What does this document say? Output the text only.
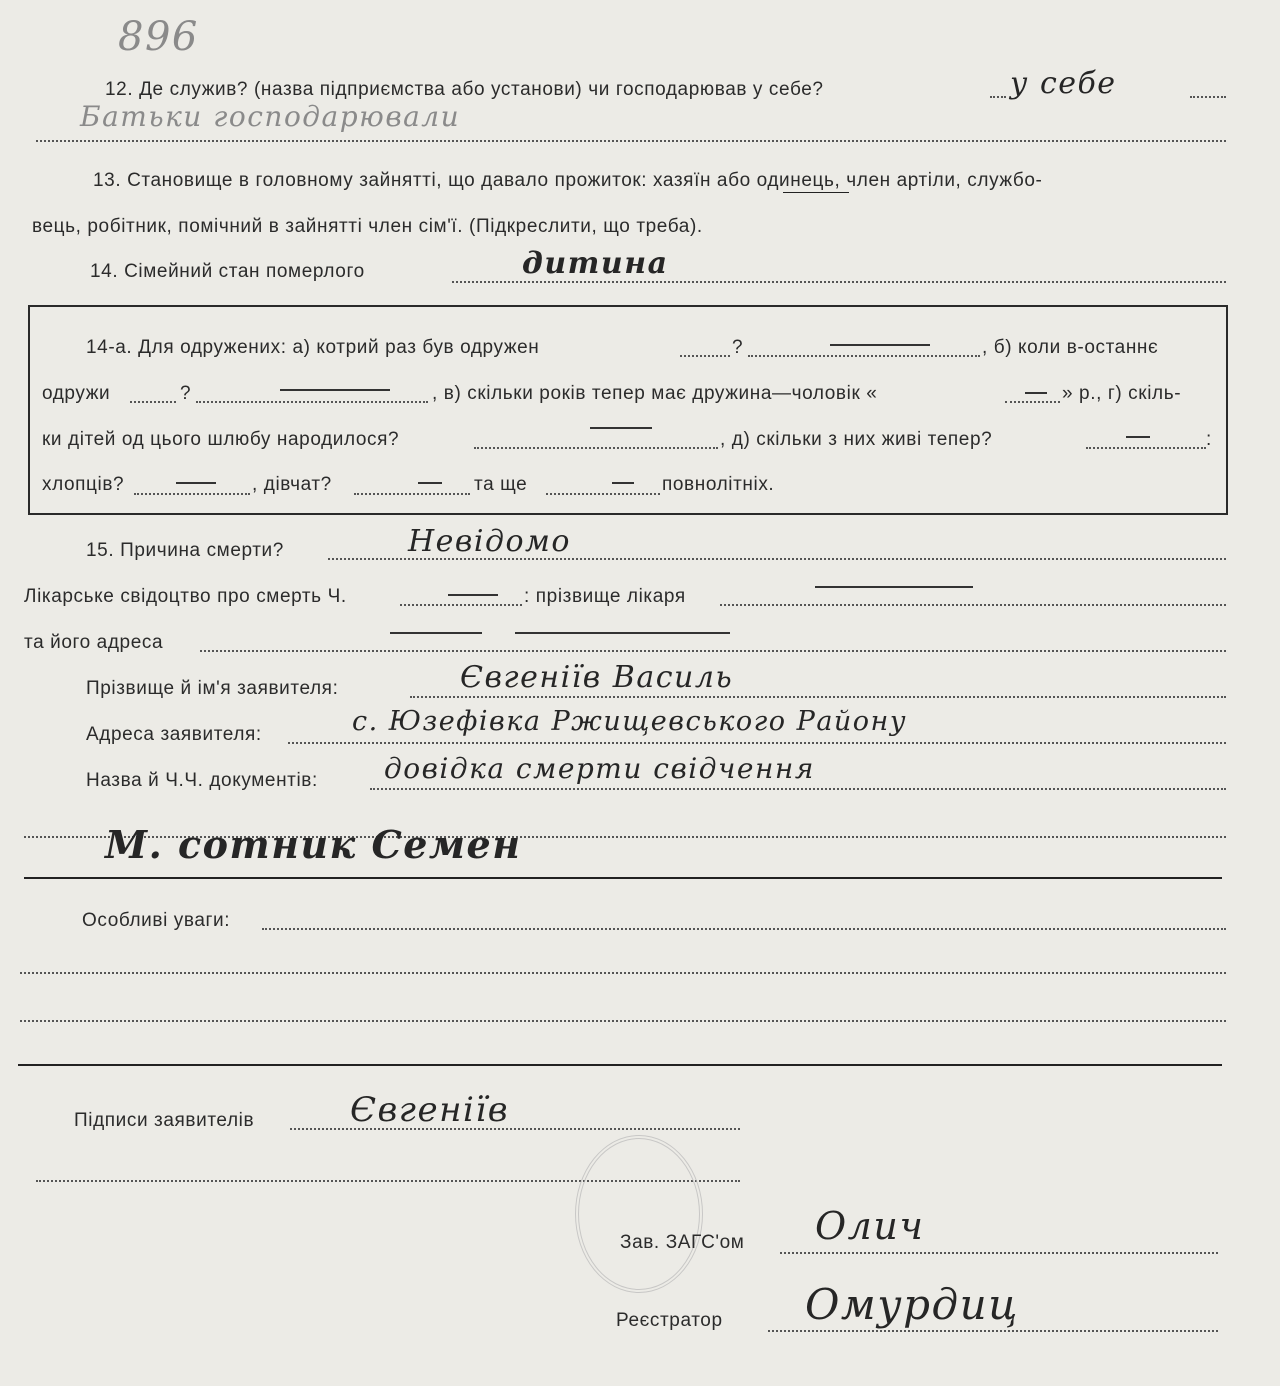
896
12. Де служив? (назва підприємства або установи) чи господарював у себе?	у себе
Батьки господарювали
13. Становище в головному зайнятті, що давало прожиток: хазяїн або одинець, член артіли, службо-
вець, робітник, помічний в зайнятті член сім'ї. (Підкреслити, що треба).
14. Сімейний стан померлого	дитина
14-а. Для одружених: а) котрий раз був одружен	?	, б) коли в-останнє
одружи	?	, в) скільки років тепер має дружина—чоловік «	» р., г) скіль-
ки дітей од цього шлюбу народилося?	, д) скільки з них живі тепер?	:
хлопців?	, дівчат?	та ще	повнолітніх.
15. Причина смерти?	Невідомо
Лікарське свідоцтво про смерть Ч.	: прізвище лікаря
та його адреса
Прізвище й ім'я заявителя:	Євгеніїв Василь
Адреса заявителя:	с. Юзефівка Ржищевського Району
Назва й Ч.Ч. документів: довідка смерти свідчення
М. сотник Семен
Особливі уваги:
Підписи заявителів	Євгеніїв
Зав. ЗАГС'ом Олич
Реєстратор Омурдиц
